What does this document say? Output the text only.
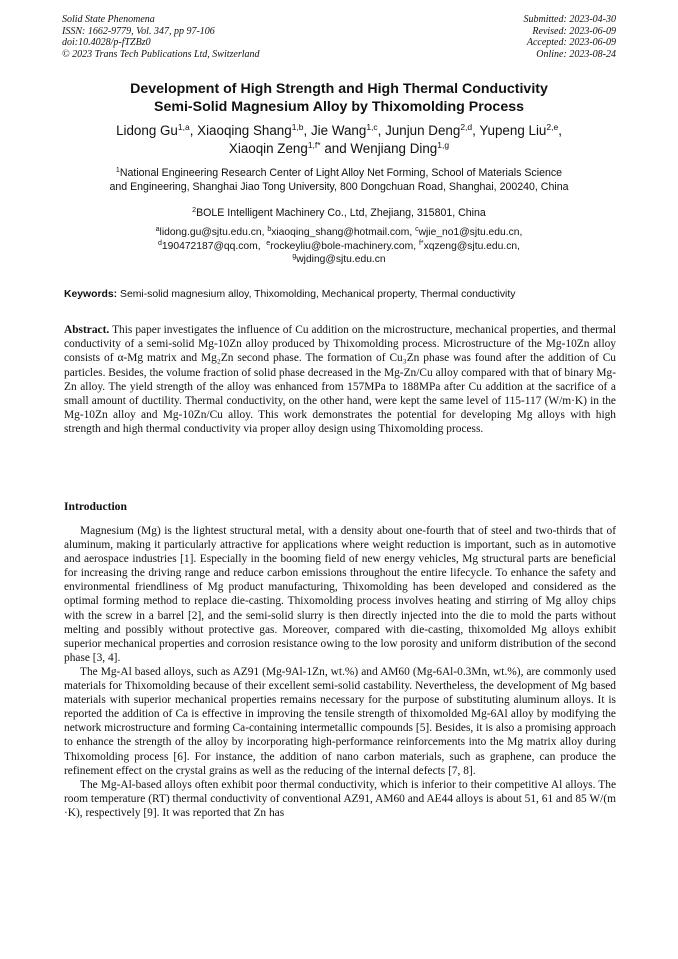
Solid State Phenomena
ISSN: 1662-9779, Vol. 347, pp 97-106
doi:10.4028/p-fTZBz0
© 2023 Trans Tech Publications Ltd, Switzerland
Submitted: 2023-04-30
Revised: 2023-06-09
Accepted: 2023-06-09
Online: 2023-08-24
Development of High Strength and High Thermal Conductivity
Semi-Solid Magnesium Alloy by Thixomolding Process
Lidong Gu$^{1,a}$, Xiaoqing Shang$^{1,b}$, Jie Wang$^{1,c}$, Junjun Deng$^{2,d}$, Yupeng Liu$^{2,e}$,
Xiaoqin Zeng$^{1,f*}$ and Wenjiang Ding$^{1,g}$
$^1$National Engineering Research Center of Light Alloy Net Forming, School of Materials Science
and Engineering, Shanghai Jiao Tong University, 800 Dongchuan Road, Shanghai, 200240, China
$^2$BOLE Intelligent Machinery Co., Ltd, Zhejiang, 315801, China
$^a$lidong.gu@sjtu.edu.cn, $^b$xiaoqing_shang@hotmail.com, $^c$wjie_no1@sjtu.edu.cn,
$^d$190472187@qq.com,  $^e$rockeyliu@bole-machinery.com, $^{f*}$xqzeng@sjtu.edu.cn,
$^g$wjding@sjtu.edu.cn
Keywords: Semi-solid magnesium alloy, Thixomolding, Mechanical property, Thermal conductivity
Abstract. This paper investigates the influence of Cu addition on the microstructure, mechanical properties, and thermal conductivity of a semi-solid Mg-10Zn alloy produced by Thixomolding process. Microstructure of the Mg-10Zn alloy consists of α-Mg matrix and Mg₂Zn second phase. The formation of Cu₃Zn phase was found after the addition of Cu particles. Besides, the volume fraction of solid phase decreased in the Mg-Zn/Cu alloy compared with that of binary Mg-Zn alloy. The yield strength of the alloy was enhanced from 157MPa to 188MPa after Cu addition at the sacrifice of a small amount of ductility. Thermal conductivity, on the other hand, were kept the same level of 115-117 (W/m·K) in the Mg-10Zn alloy and Mg-10Zn/Cu alloy. This work demonstrates the potential for developing Mg alloys with high strength and high thermal conductivity via proper alloy design using Thixomolding process.
Introduction

Magnesium (Mg) is the lightest structural metal, with a density about one-fourth that of steel and two-thirds that of aluminum, making it particularly attractive for applications where weight reduction is important, such as in automotive and aerospace industries [1]. Especially in the booming field of new energy vehicles, Mg structural parts are beneficial for increasing the driving range and reduce carbon emissions throughout the entire lifecycle. To enhance the safety and environmental friendliness of Mg product manufacturing, Thixomolding has been developed and considered as the optimal forming method to replace die-casting. Thixomolding process involves heating and stirring of Mg alloy chips with the screw in a barrel [2], and the semi-solid slurry is then directly injected into the die to mold the parts without melting and possibly without protective gas. Moreover, compared with die-casting, thixomolded Mg alloys exhibit superior mechanical properties and corrosion resistance owing to the low porosity and uniform distribution of the second phase [3, 4].

The Mg-Al based alloys, such as AZ91 (Mg-9Al-1Zn, wt.%) and AM60 (Mg-6Al-0.3Mn, wt.%), are commonly used materials for Thixomolding because of their excellent semi-solid castability. Nevertheless, the development of Mg based materials with superior mechanical properties remains necessary for the purpose of substituting aluminum alloys. It is reported the addition of Ca is effective in improving the tensile strength of thixomolded Mg-6Al alloy by modifying the network microstructure and forming Ca-containing intermetallic compounds [5]. Besides, it is also a promising approach to enhance the strength of the alloy by incorporating high-performance reinforcements into the Mg matrix alloy during Thixomolding process [6]. For instance, the addition of nano carbon materials, such as graphene, can produce the refinement effect on the crystal grains as well as the reducing of the internal defects [7, 8].

The Mg-Al-based alloys often exhibit poor thermal conductivity, which is inferior to their competitive Al alloys. The room temperature (RT) thermal conductivity of conventional AZ91, AM60 and AE44 alloys is about 51, 61 and 85 W/(m ·K), respectively [9]. It was reported that Zn has
